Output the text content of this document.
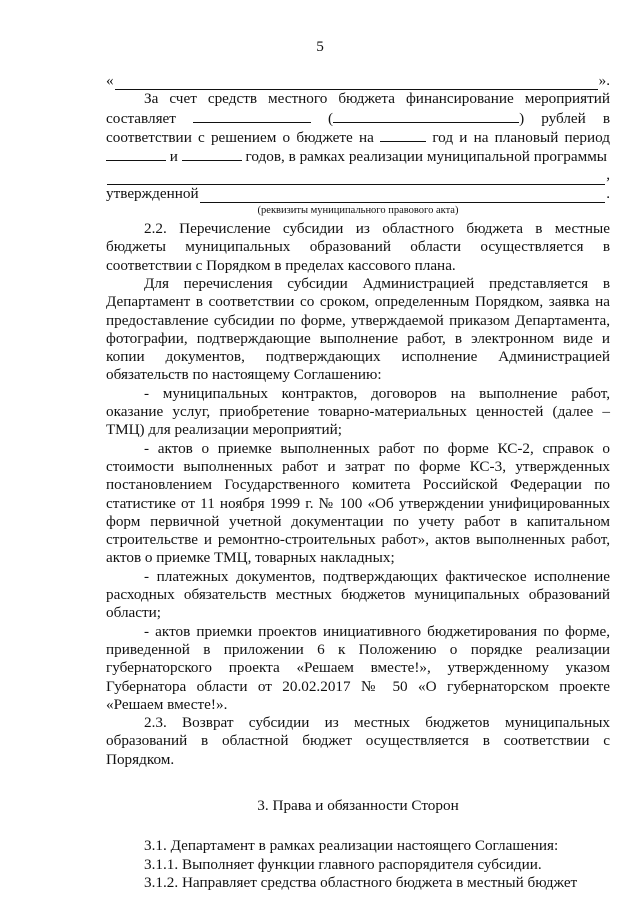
5
«	».

За счет средств местного бюджета финансирование мероприятий составляет	(	) рублей в соответствии с решением о бюджете на	год и на плановый период  и	годов, в рамках реализации муниципальной программы

,
утвержденной	.
(реквизиты муниципального правового акта)

2.2. Перечисление субсидии из областного бюджета в местные бюджеты муниципальных образований области осуществляется в соответствии с Порядком в пределах кассового плана.

Для перечисления субсидии Администрацией представляется в Департамент в соответствии со сроком, определенным Порядком, заявка на предоставление субсидии по форме, утверждаемой приказом Департамента, фотографии, подтверждающие выполнение работ, в электронном виде и копии документов, подтверждающих исполнение Администрацией обязательств по настоящему Соглашению:

- муниципальных контрактов, договоров на выполнение работ, оказание услуг, приобретение товарно-материальных ценностей (далее – ТМЦ) для реализации мероприятий;

- актов о приемке выполненных работ по форме КС-2, справок о стоимости выполненных работ и затрат по форме КС-3, утвержденных постановлением Государственного комитета Российской Федерации по статистике от 11 ноября 1999 г. № 100 «Об утверждении унифицированных форм первичной учетной документации по учету работ в капитальном строительстве и ремонтно-строительных работ», актов выполненных работ, актов о приемке ТМЦ, товарных накладных;

- платежных документов, подтверждающих фактическое исполнение расходных обязательств местных бюджетов муниципальных образований области;

- актов приемки проектов инициативного бюджетирования по форме, приведенной в приложении 6 к Положению о порядке реализации губернаторского проекта «Решаем вместе!», утвержденному указом Губернатора области от 20.02.2017 № 50 «О губернаторском проекте «Решаем вместе!».

2.3. Возврат субсидии из местных бюджетов муниципальных образований в областной бюджет осуществляется в соответствии с Порядком.

3. Права и обязанности Сторон

3.1. Департамент в рамках реализации настоящего Соглашения:

3.1.1. Выполняет функции главного распорядителя субсидии.

3.1.2. Направляет средства областного бюджета в местный бюджет
